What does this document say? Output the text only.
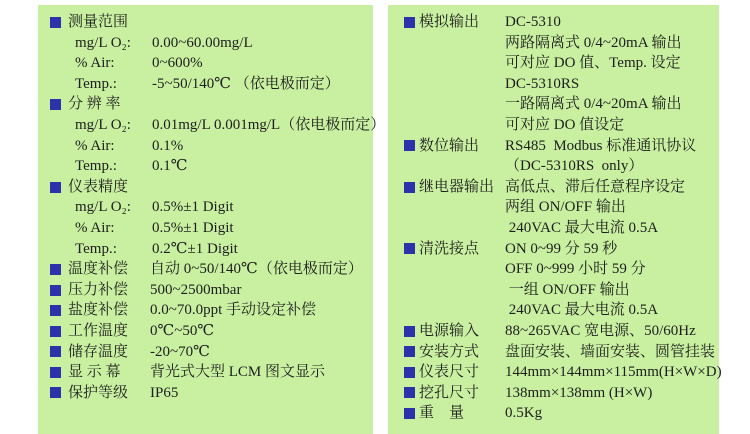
测量范围
mg/L O₂:	0.00~60.00mg/L
% Air:	0~600%
Temp.:	-5~50/140℃ （依电极而定）
分 辨 率
mg/L O₂:	0.01mg/L 0.001mg/L（依电极而定）
% Air:	0.1%
Temp.:	0.1℃
仪表精度
mg/L O₂:	0.5%±1 Digit
% Air:	0.5%±1 Digit
Temp.:	0.2℃±1 Digit
温度补偿	自动 0~50/140℃（依电极而定）
压力补偿	500~2500mbar
盐度补偿	0.0~70.0ppt 手动设定补偿
工作温度	0℃~50℃
储存温度	-20~70℃
显 示 幕	背光式大型 LCM 图文显示
保护等级	IP65
模拟输出	DC-5310
两路隔离式 0/4~20mA 输出
可对应 DO 值、Temp. 设定
DC-5310RS
一路隔离式 0/4~20mA 输出
可对应 DO 值设定
数位输出	RS485  Modbus 标准通讯协议
（DC-5310RS  only）
继电器输出 高低点、滞后任意程序设定
两组 ON/OFF 输出
240VAC 最大电流 0.5A
清洗接点	ON 0~99 分 59 秒
OFF 0~999 小时 59 分
一组 ON/OFF 输出
240VAC 最大电流 0.5A
电源输入	88~265VAC 宽电源、50/60Hz
安装方式	盘面安装、墙面安装、圆管挂装
仪表尺寸	144mm×144mm×115mm(H×W×D)
挖孔尺寸	138mm×138mm (H×W)
重　量	0.5Kg
